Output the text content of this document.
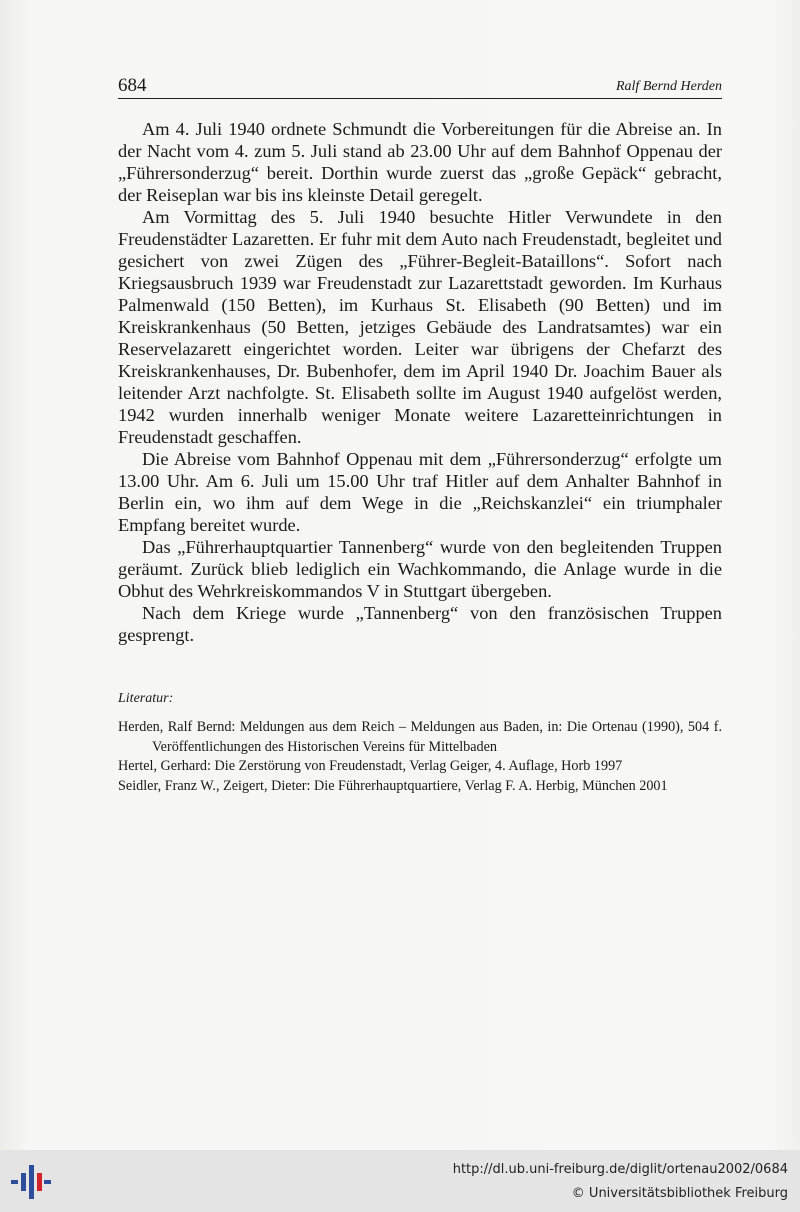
684	Ralf Bernd Herden

Am 4. Juli 1940 ordnete Schmundt die Vorbereitungen für die Abreise an. In der Nacht vom 4. zum 5. Juli stand ab 23.00 Uhr auf dem Bahnhof Oppenau der „Führersonderzug“ bereit. Dorthin wurde zuerst das „große Gepäck“ gebracht, der Reiseplan war bis ins kleinste Detail geregelt.

Am Vormittag des 5. Juli 1940 besuchte Hitler Verwundete in den Freudenstädter Lazaretten. Er fuhr mit dem Auto nach Freudenstadt, begleitet und gesichert von zwei Zügen des „Führer-Begleit-Bataillons“. Sofort nach Kriegsausbruch 1939 war Freudenstadt zur Lazarettstadt geworden. Im Kurhaus Palmenwald (150 Betten), im Kurhaus St. Elisabeth (90 Betten) und im Kreiskrankenhaus (50 Betten, jetziges Gebäude des Landratsamtes) war ein Reservelazarett eingerichtet worden. Leiter war übrigens der Chefarzt des Kreiskrankenhauses, Dr. Bubenhofer, dem im April 1940 Dr. Joachim Bauer als leitender Arzt nachfolgte. St. Elisabeth sollte im August 1940 aufgelöst werden, 1942 wurden innerhalb weniger Monate weitere Lazaretteinrichtungen in Freudenstadt geschaffen.

Die Abreise vom Bahnhof Oppenau mit dem „Führersonderzug“ erfolgte um 13.00 Uhr. Am 6. Juli um 15.00 Uhr traf Hitler auf dem Anhalter Bahnhof in Berlin ein, wo ihm auf dem Wege in die „Reichskanzlei“ ein triumphaler Empfang bereitet wurde.

Das „Führerhauptquartier Tannenberg“ wurde von den begleitenden Truppen geräumt. Zurück blieb lediglich ein Wachkommando, die Anlage wurde in die Obhut des Wehrkreiskommandos V in Stuttgart übergeben.

Nach dem Kriege wurde „Tannenberg“ von den französischen Truppen gesprengt.

Literatur:
Herden, Ralf Bernd: Meldungen aus dem Reich – Meldungen aus Baden, in: Die Ortenau (1990), 504 f. Veröffentlichungen des Historischen Vereins für Mittelbaden
Hertel, Gerhard: Die Zerstörung von Freudenstadt, Verlag Geiger, 4. Auflage, Horb 1997
Seidler, Franz W., Zeigert, Dieter: Die Führerhauptquartiere, Verlag F. A. Herbig, München 2001
http://dl.ub.uni-freiburg.de/diglit/ortenau2002/0684
© Universitätsbibliothek Freiburg
